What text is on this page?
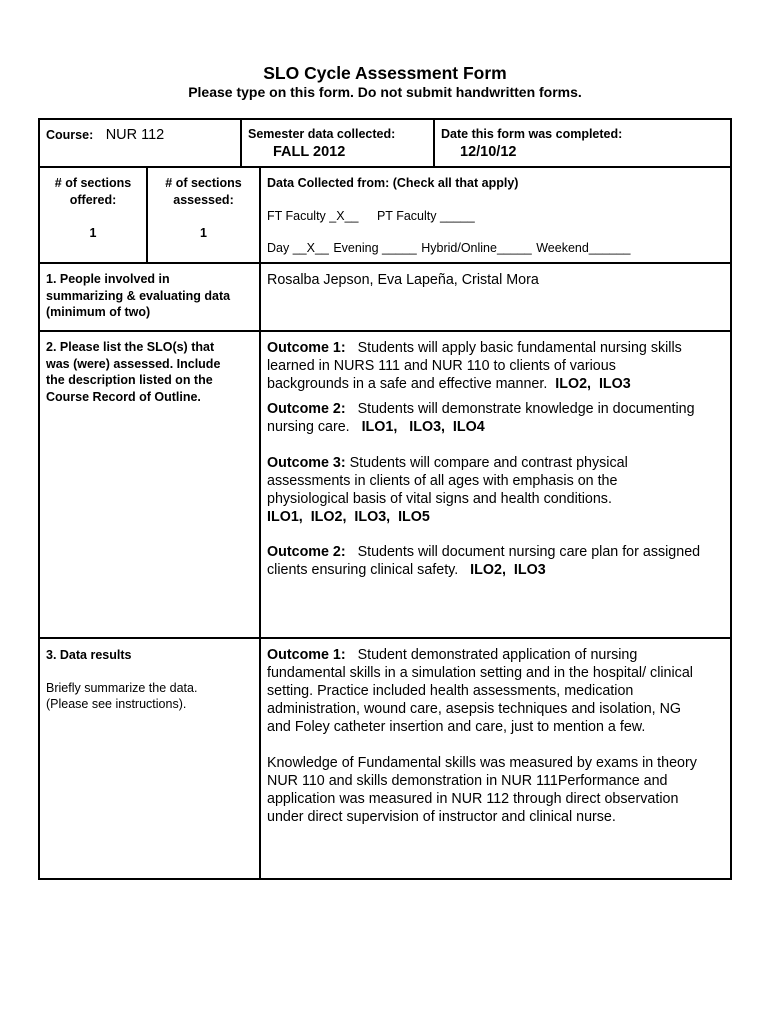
SLO Cycle Assessment Form
Please type on this form. Do not submit handwritten forms.
Course: NUR 112	Semester data collected:
FALL 2012
Date this form was completed:
12/10/12
# of sections
offered:
1
# of sections
assessed:
1
Data Collected from: (Check all that apply)
FT Faculty _X__ PT Faculty _____
Day __X__ Evening _____ Hybrid/Online_____ Weekend______
1. People involved in
summarizing & evaluating data
(minimum of two)
Rosalba Jepson, Eva Lapeña, Cristal Mora
2. Please list the SLO(s) that
was (were) assessed. Include
the description listed on the
Course Record of Outline.
Outcome 1:   Students will apply basic fundamental nursing skills
learned in NURS 111 and NUR 110 to clients of various
backgrounds in a safe and effective manner.  ILO2,  ILO3
Outcome 2:   Students will demonstrate knowledge in documenting
nursing care.   ILO1,   ILO3,  ILO4
Outcome 3: Students will compare and contrast physical
assessments in clients of all ages with emphasis on the
physiological basis of vital signs and health conditions.
ILO1,  ILO2,  ILO3,  ILO5
Outcome 2:   Students will document nursing care plan for assigned
clients ensuring clinical safety.   ILO2,  ILO3
3. Data results
Briefly summarize the data.
(Please see instructions).
Outcome 1:   Student demonstrated application of nursing
fundamental skills in a simulation setting and in the hospital/ clinical
setting. Practice included health assessments, medication
administration, wound care, asepsis techniques and isolation, NG
and Foley catheter insertion and care, just to mention a few.
Knowledge of Fundamental skills was measured by exams in theory
NUR 110 and skills demonstration in NUR 111Performance and
application was measured in NUR 112 through direct observation
under direct supervision of instructor and clinical nurse.
